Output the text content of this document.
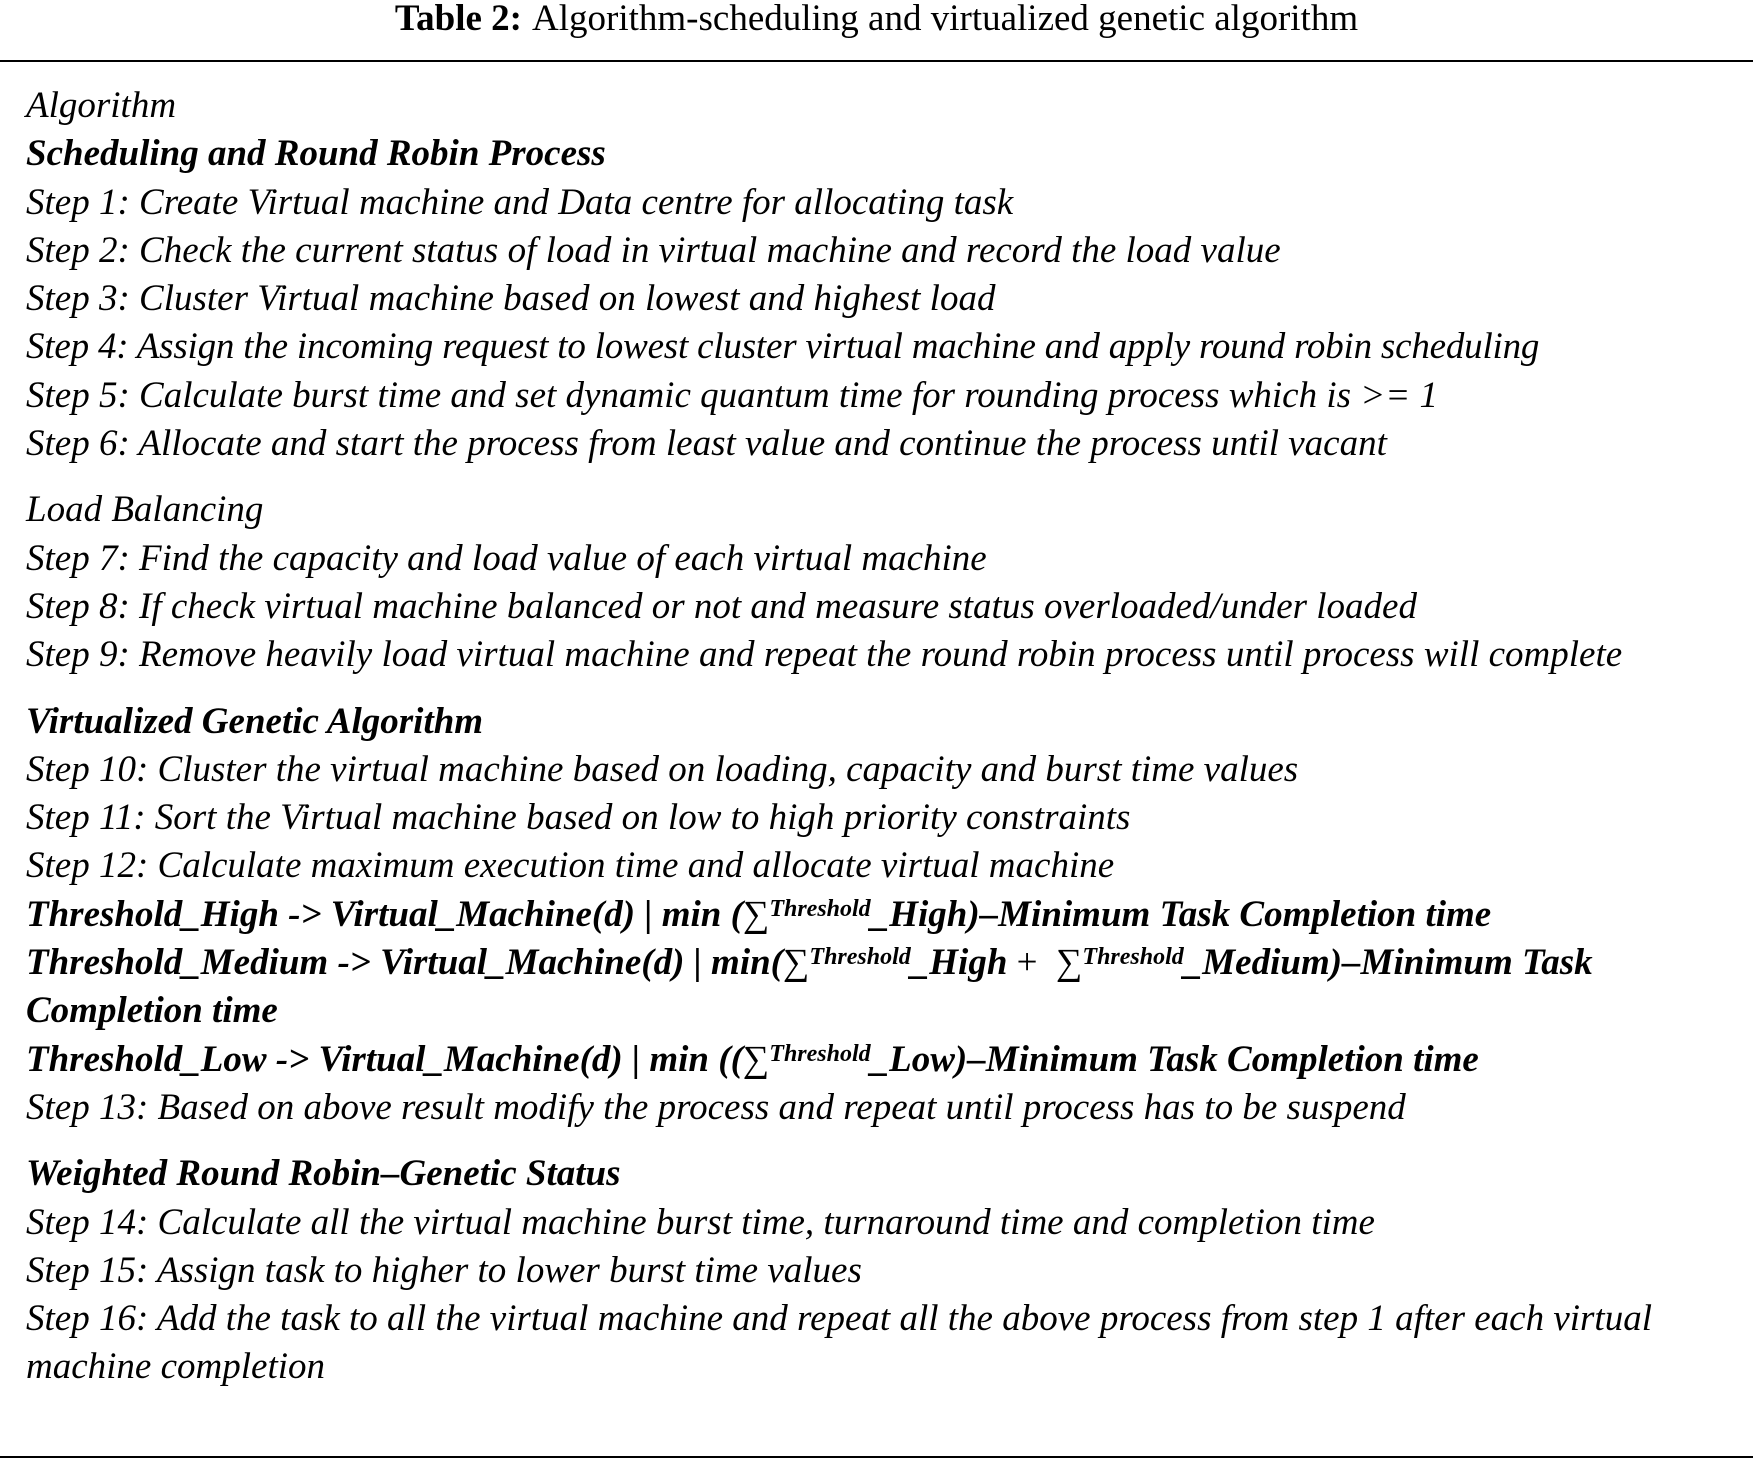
Table 2: Algorithm-scheduling and virtualized genetic algorithm
Algorithm
Scheduling and Round Robin Process
Step 1: Create Virtual machine and Data centre for allocating task
Step 2: Check the current status of load in virtual machine and record the load value
Step 3: Cluster Virtual machine based on lowest and highest load
Step 4: Assign the incoming request to lowest cluster virtual machine and apply round robin scheduling
Step 5: Calculate burst time and set dynamic quantum time for rounding process which is >= 1
Step 6: Allocate and start the process from least value and continue the process until vacant
Load Balancing
Step 7: Find the capacity and load value of each virtual machine
Step 8: If check virtual machine balanced or not and measure status overloaded/under loaded
Step 9: Remove heavily load virtual machine and repeat the round robin process until process will complete
Virtualized Genetic Algorithm
Step 10: Cluster the virtual machine based on loading, capacity and burst time values
Step 11: Sort the Virtual machine based on low to high priority constraints
Step 12: Calculate maximum execution time and allocate virtual machine
Threshold_High -> Virtual_Machine(d) | min (∑$^{Threshold}$_High)–Minimum Task Completion time
Threshold_Medium -> Virtual_Machine(d) | min(∑$^{Threshold}$_High + ∑$^{Threshold}$_Medium)–Minimum Task Completion time
Threshold_Low -> Virtual_Machine(d) | min ((∑$^{Threshold}$_Low)–Minimum Task Completion time
Step 13: Based on above result modify the process and repeat until process has to be suspend
Weighted Round Robin–Genetic Status
Step 14: Calculate all the virtual machine burst time, turnaround time and completion time
Step 15: Assign task to higher to lower burst time values
Step 16: Add the task to all the virtual machine and repeat all the above process from step 1 after each virtual machine completion
